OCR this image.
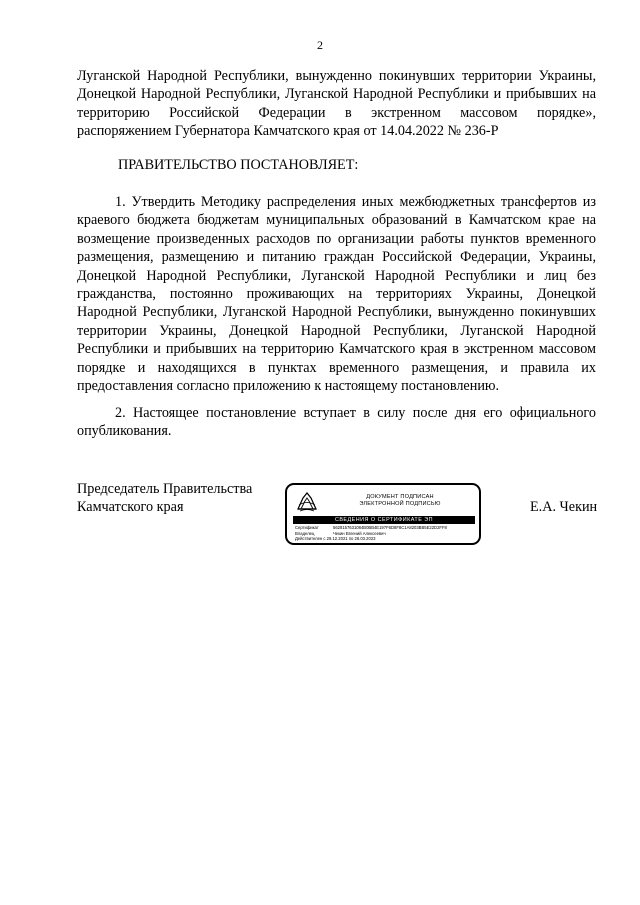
2

Луганской Народной Республики, вынужденно покинувших территории Украины, Донецкой Народной Республики, Луганской Народной Республики и прибывших на территорию Российской Федерации в экстренном массовом порядке», распоряжением Губернатора Камчатского края от 14.04.2022 № 236-Р

ПРАВИТЕЛЬСТВО ПОСТАНОВЛЯЕТ:

1. Утвердить Методику распределения иных межбюджетных трансфертов из краевого бюджета бюджетам муниципальных образований в Камчатском крае на возмещение произведенных расходов по организации работы пунктов временного размещения, размещению и питанию граждан Российской Федерации, Украины, Донецкой Народной Республики, Луганской Народной Республики и лиц без гражданства, постоянно проживающих на территориях Украины, Донецкой Народной Республики, Луганской Народной Республики, вынужденно покинувших территории Украины, Донецкой Народной Республики, Луганской Народной Республики и прибывших на территорию Камчатского края в экстренном массовом порядке и находящихся в пунктах временного размещения, и правила их предоставления согласно приложению к настоящему постановлению.

2. Настоящее постановление вступает в силу после дня его официального опубликования.

Председатель Правительства
Камчатского края
ДОКУМЕНТ ПОДПИСАН
ЭЛЕКТРОННОЙ ПОДПИСЬЮ
СВЕДЕНИЯ О СЕРТИФИКАТЕ ЭП
Сертификат	5628157631084B0BB4E197F6D8F8C1A8203BB5E22D2FF8
Владелец	Чекин Евгений Алексеевич
Действителен с 29.12.2021 по 28.03.2023
Е.А. Чекин
